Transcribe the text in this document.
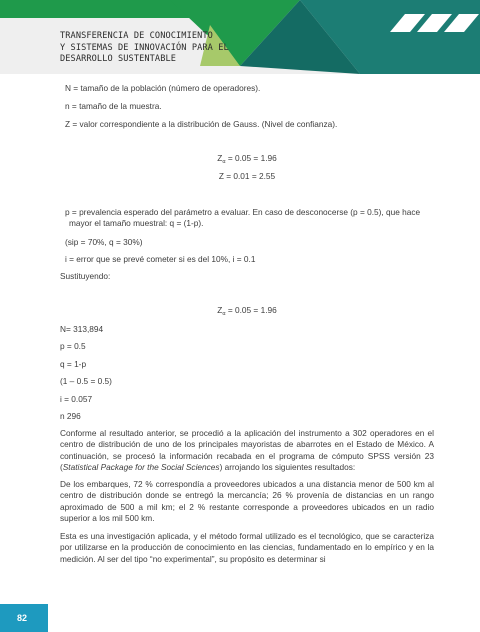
TRANSFERENCIA DE CONOCIMIENTO
Y SISTEMAS DE INNOVACIÓN PARA EL
DESARROLLO SUSTENTABLE

N = tamaño de la población (número de operadores).

n = tamaño de la muestra.

Z = valor correspondiente a la distribución de Gauss. (Nivel de confianza).

$Z_\alpha = 0.05 = 1.96$

Z = 0.01 = 2.55

p = prevalencia esperado del parámetro a evaluar. En caso de desconocerse (p = 0.5), que hace mayor el tamaño muestral: q = (1-p).

(sip = 70%, q = 30%)

i = error que se prevé cometer si es del 10%, i = 0.1

Sustituyendo:

$Z_\alpha = 0.05 = 1.96$

N= 313,894

p = 0.5

q = 1-p

(1 – 0.5 = 0.5)

i = 0.057

n 296

Conforme al resultado anterior, se procedió a la aplicación del instrumento a 302 operadores en el centro de distribución de uno de los principales mayoristas de abarrotes en el Estado de México. A continuación, se procesó la información recabada en el programa de cómputo SPSS versión 23 (Statistical Package for the Social Sciences) arrojando los siguientes resultados:

De los embarques, 72 % correspondía a proveedores ubicados a una distancia menor de 500 km al centro de distribución donde se entregó la mercancía; 26 % provenía de distancias en un rango aproximado de 500 a mil km; el 2 % restante corresponde a proveedores ubicados en un radio superior a los mil 500 km.

Esta es una investigación aplicada, y el método formal utilizado es el tecnológico, que se caracteriza por utilizarse en la producción de conocimiento en las ciencias, fundamentado en lo empírico y en la medición. Al ser del tipo “no experimental”, su propósito es determinar si

82
